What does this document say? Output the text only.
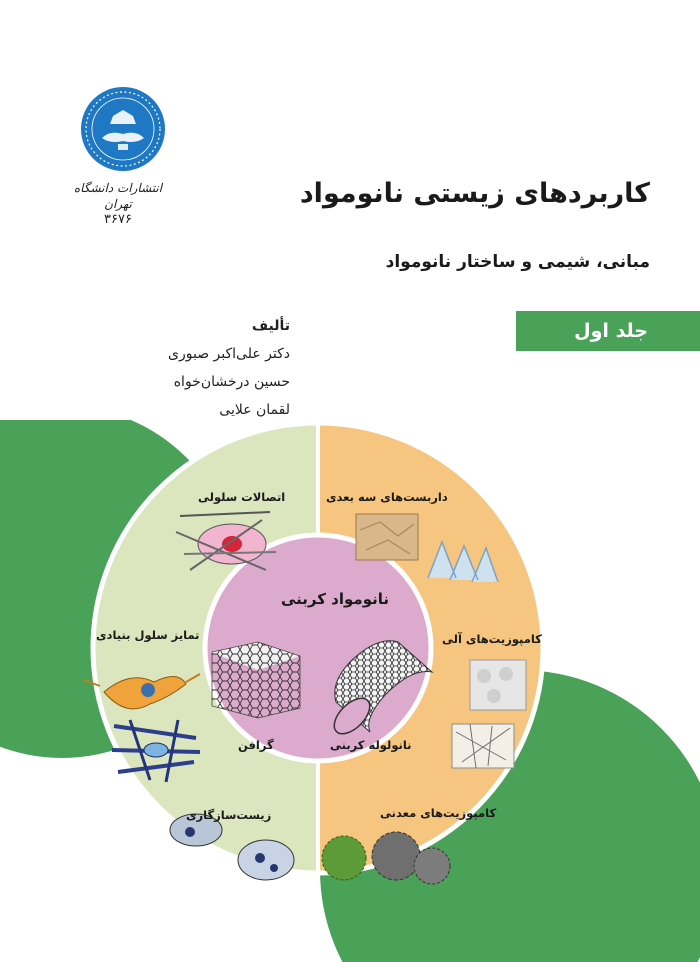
انتشارات دانشگاه تهران
۳۶۷۶
کاربردهای زیستی نانومواد
مبانی، شیمی و ساختار نانومواد
جلد اول
تألیف
دکتر علی‌اکبر صبوری
حسین درخشان‌خواه
لقمان علایی
نانومواد کربنی
گرافن	نانولوله کربنی
اتصالات سلولی
تمایز سلول بنیادی
زیست‌سازگاری
داربست‌های سه بعدی
کامپوزیت‌های آلی
کامپوزیت‌های معدنی
